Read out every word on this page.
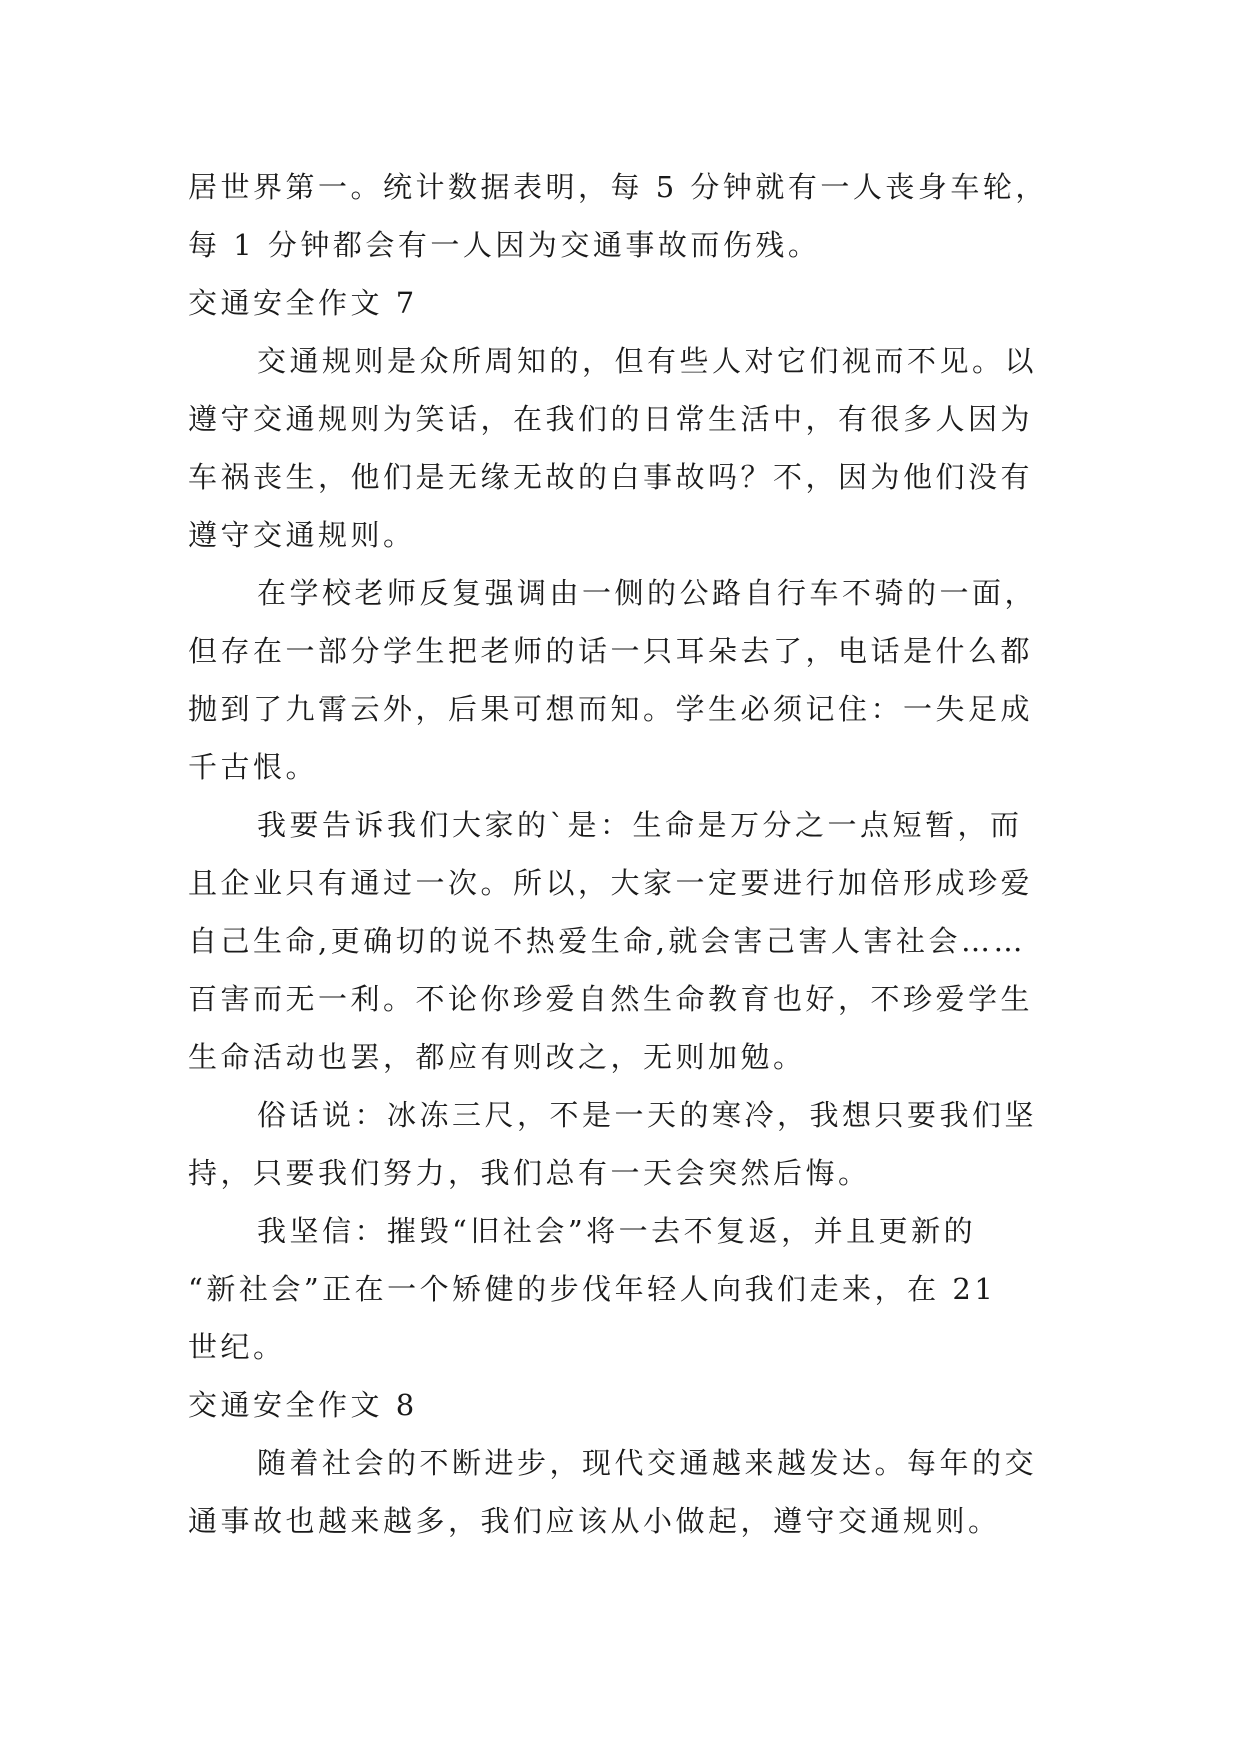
居世界第一。统计数据表明，每 5 分钟就有一人丧身车轮，
每 1 分钟都会有一人因为交通事故而伤残。
交通安全作文 7
交通规则是众所周知的，但有些人对它们视而不见。以
遵守交通规则为笑话，在我们的日常生活中，有很多人因为
车祸丧生，他们是无缘无故的白事故吗？不，因为他们没有
遵守交通规则。
在学校老师反复强调由一侧的公路自行车不骑的一面，
但存在一部分学生把老师的话一只耳朵去了，电话是什么都
抛到了九霄云外，后果可想而知。学生必须记住：一失足成
千古恨。
我要告诉我们大家的`是：生命是万分之一点短暂，而
且企业只有通过一次。所以，大家一定要进行加倍形成珍爱
自己生命,更确切的说不热爱生命,就会害己害人害社会……
百害而无一利。不论你珍爱自然生命教育也好，不珍爱学生
生命活动也罢，都应有则改之，无则加勉。
俗话说：冰冻三尺，不是一天的寒冷，我想只要我们坚
持，只要我们努力，我们总有一天会突然后悔。
我坚信：摧毁“旧社会”将一去不复返，并且更新的
“新社会”正在一个矫健的步伐年轻人向我们走来，在 21
世纪。
交通安全作文 8
随着社会的不断进步，现代交通越来越发达。每年的交
通事故也越来越多，我们应该从小做起，遵守交通规则。
